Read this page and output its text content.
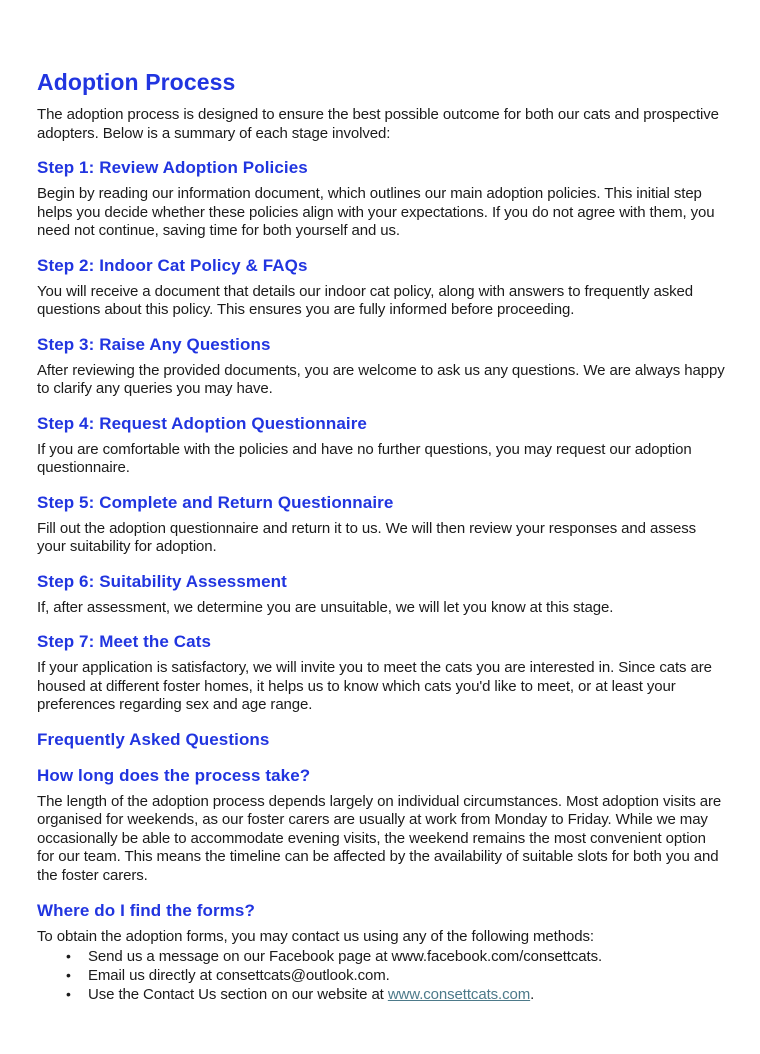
Adoption Process

The adoption process is designed to ensure the best possible outcome for both our cats and prospective adopters. Below is a summary of each stage involved:

Step 1: Review Adoption Policies

Begin by reading our information document, which outlines our main adoption policies. This initial step helps you decide whether these policies align with your expectations. If you do not agree with them, you need not continue, saving time for both yourself and us.

Step 2: Indoor Cat Policy & FAQs

You will receive a document that details our indoor cat policy, along with answers to frequently asked questions about this policy. This ensures you are fully informed before proceeding.

Step 3: Raise Any Questions

After reviewing the provided documents, you are welcome to ask us any questions. We are always happy to clarify any queries you may have.

Step 4: Request Adoption Questionnaire

If you are comfortable with the policies and have no further questions, you may request our adoption questionnaire.

Step 5: Complete and Return Questionnaire

Fill out the adoption questionnaire and return it to us. We will then review your responses and assess your suitability for adoption.

Step 6: Suitability Assessment

If, after assessment, we determine you are unsuitable, we will let you know at this stage.

Step 7: Meet the Cats

If your application is satisfactory, we will invite you to meet the cats you are interested in. Since cats are housed at different foster homes, it helps us to know which cats you'd like to meet, or at least your preferences regarding sex and age range.

Frequently Asked Questions
How long does the process take?

The length of the adoption process depends largely on individual circumstances. Most adoption visits are organised for weekends, as our foster carers are usually at work from Monday to Friday. While we may occasionally be able to accommodate evening visits, the weekend remains the most convenient option for our team. This means the timeline can be affected by the availability of suitable slots for both you and the foster carers.

Where do I find the forms?

To obtain the adoption forms, you may contact us using any of the following methods:

• Send us a message on our Facebook page at www.facebook.com/consettcats.
• Email us directly at consettcats@outlook.com.
• Use the Contact Us section on our website at www.consettcats.com.
